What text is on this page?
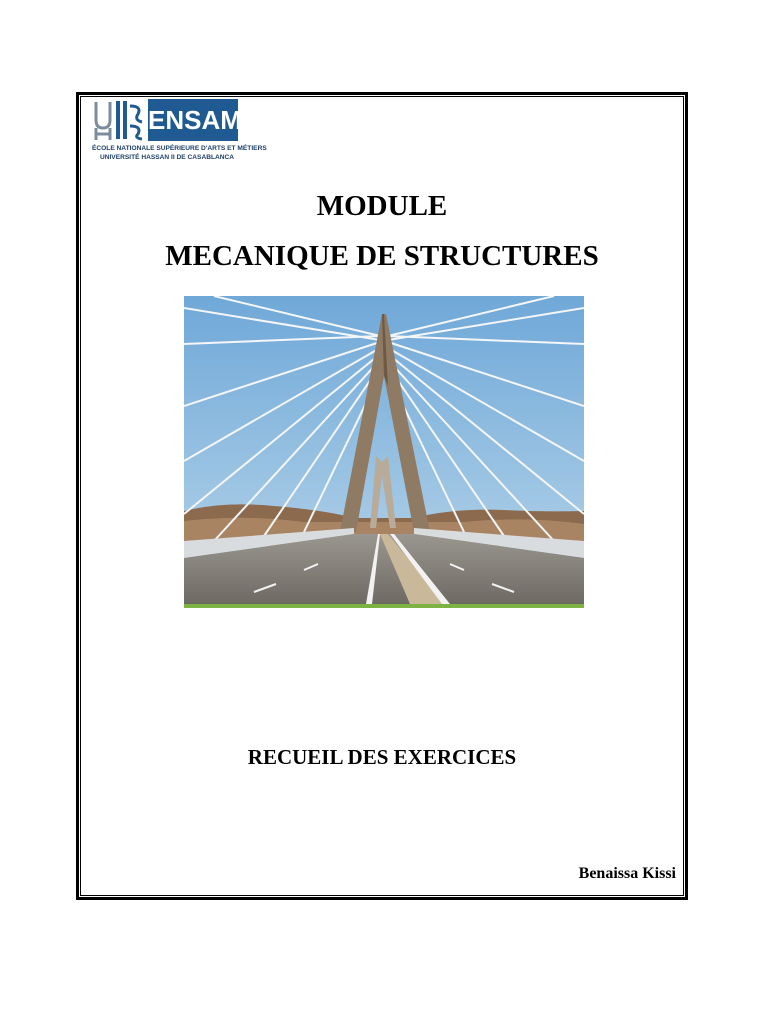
ENSAM
ÉCOLE NATIONALE SUPÉRIEURE D'ARTS ET MÉTIERS
UNIVERSITÉ HASSAN II DE CASABLANCA
MODULE
MECANIQUE DE STRUCTURES
RECUEIL DES EXERCICES
Benaissa Kissi
